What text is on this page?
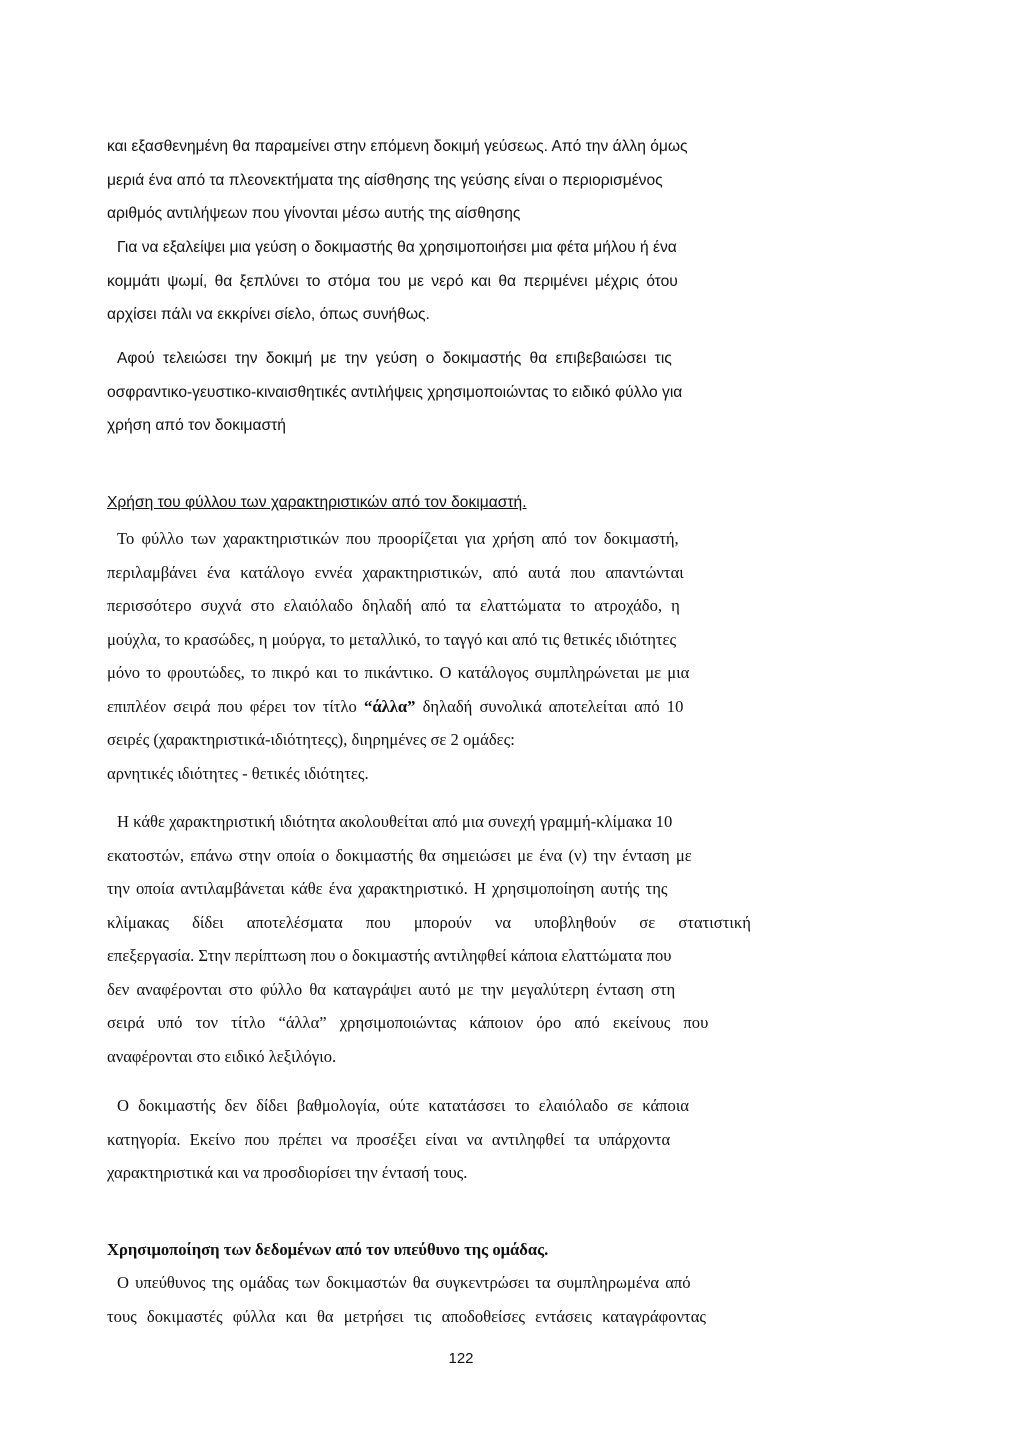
και εξασθενημένη θα παραμείνει στην επόμενη δοκιμή γεύσεως. Από την άλλη όμως
μεριά ένα από τα πλεονεκτήματα της αίσθησης της γεύσης είναι ο περιορισμένος
αριθμός αντιλήψεων που γίνονται μέσω αυτής της αίσθησης
Για να εξαλείψει μια γεύση ο δοκιμαστής θα χρησιμοποιήσει μια φέτα μήλου ή ένα
κομμάτι ψωμί, θα ξεπλύνει το στόμα του με νερό και θα περιμένει μέχρις ότου
αρχίσει πάλι να εκκρίνει σίελο, όπως συνήθως.
Αφού τελειώσει την δοκιμή με την γεύση ο δοκιμαστής θα επιβεβαιώσει τις
οσφραντικο-γευστικο-κιναισθητικές αντιλήψεις χρησιμοποιώντας το ειδικό φύλλο για
χρήση από τον δοκιμαστή
Χρήση του φύλλου των χαρακτηριστικών από τον δοκιμαστή.
Το φύλλο των χαρακτηριστικών που προορίζεται για χρήση από τον δοκιμαστή,
περιλαμβάνει ένα κατάλογο εννέα χαρακτηριστικών, από αυτά που απαντώνται
περισσότερο συχνά στο ελαιόλαδο δηλαδή από τα ελαττώματα το ατροχάδο, η
μούχλα, το κρασώδες, η μούργα, το μεταλλικό, το ταγγό και από τις θετικές ιδιότητες
μόνο το φρουτώδες, το πικρό και το πικάντικο. Ο κατάλογος συμπληρώνεται με μια
επιπλέον σειρά που φέρει τον τίτλο “άλλα” δηλαδή συνολικά αποτελείται από 10
σειρές (χαρακτηριστικά-ιδιότητεςς), διηρημένες σε 2 ομάδες:
αρνητικές ιδιότητες - θετικές ιδιότητες.
Η κάθε χαρακτηριστική ιδιότητα ακολουθείται από μια συνεχή γραμμή-κλίμακα 10
εκατοστών, επάνω στην οποία ο δοκιμαστής θα σημειώσει με ένα (ν) την ένταση με
την οποία αντιλαμβάνεται κάθε ένα χαρακτηριστικό. Η χρησιμοποίηση αυτής της
κλίμακας δίδει αποτελέσματα που μπορούν να υποβληθούν σε στατιστική
επεξεργασία. Στην περίπτωση που ο δοκιμαστής αντιληφθεί κάποια ελαττώματα που
δεν αναφέρονται στο φύλλο θα καταγράψει αυτό με την μεγαλύτερη ένταση στη
σειρά υπό τον τίτλο “άλλα” χρησιμοποιώντας κάποιον όρο από εκείνους που
αναφέρονται στο ειδικό λεξιλόγιο.
Ο δοκιμαστής δεν δίδει βαθμολογία, ούτε κατατάσσει το ελαιόλαδο σε κάποια
κατηγορία. Εκείνο που πρέπει να προσέξει είναι να αντιληφθεί τα υπάρχοντα
χαρακτηριστικά και να προσδιορίσει την έντασή τους.
Χρησιμοποίηση των δεδομένων από τον υπεύθυνο της ομάδας.
Ο υπεύθυνος της ομάδας των δοκιμαστών θα συγκεντρώσει τα συμπληρωμένα από
τους δοκιμαστές φύλλα και θα μετρήσει τις αποδοθείσες εντάσεις καταγράφοντας
122
